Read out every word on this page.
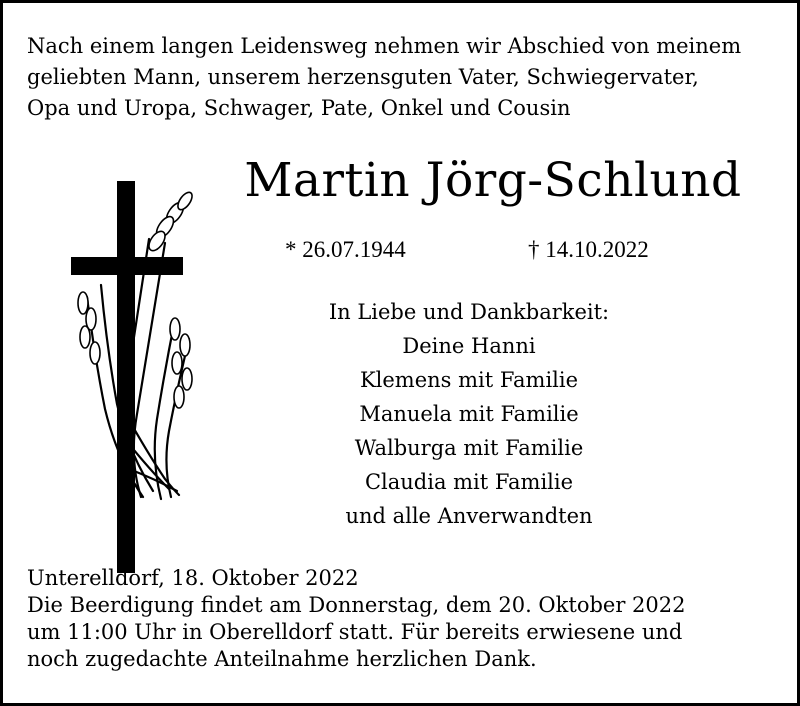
Nach einem langen Leidensweg nehmen wir Abschied von meinem
geliebten Mann, unserem herzensguten Vater, Schwiegervater,
Opa und Uropa, Schwager, Pate, Onkel und Cousin
Martin Jörg-Schlund
* 26.07.1944	† 14.10.2022
In Liebe und Dankbarkeit:
Deine Hanni
Klemens mit Familie
Manuela mit Familie
Walburga mit Familie
Claudia mit Familie
und alle Anverwandten
Unterelldorf, 18. Oktober 2022
Die Beerdigung findet am Donnerstag, dem 20. Oktober 2022
um 11:00 Uhr in Oberelldorf statt. Für bereits erwiesene und
noch zugedachte Anteilnahme herzlichen Dank.
